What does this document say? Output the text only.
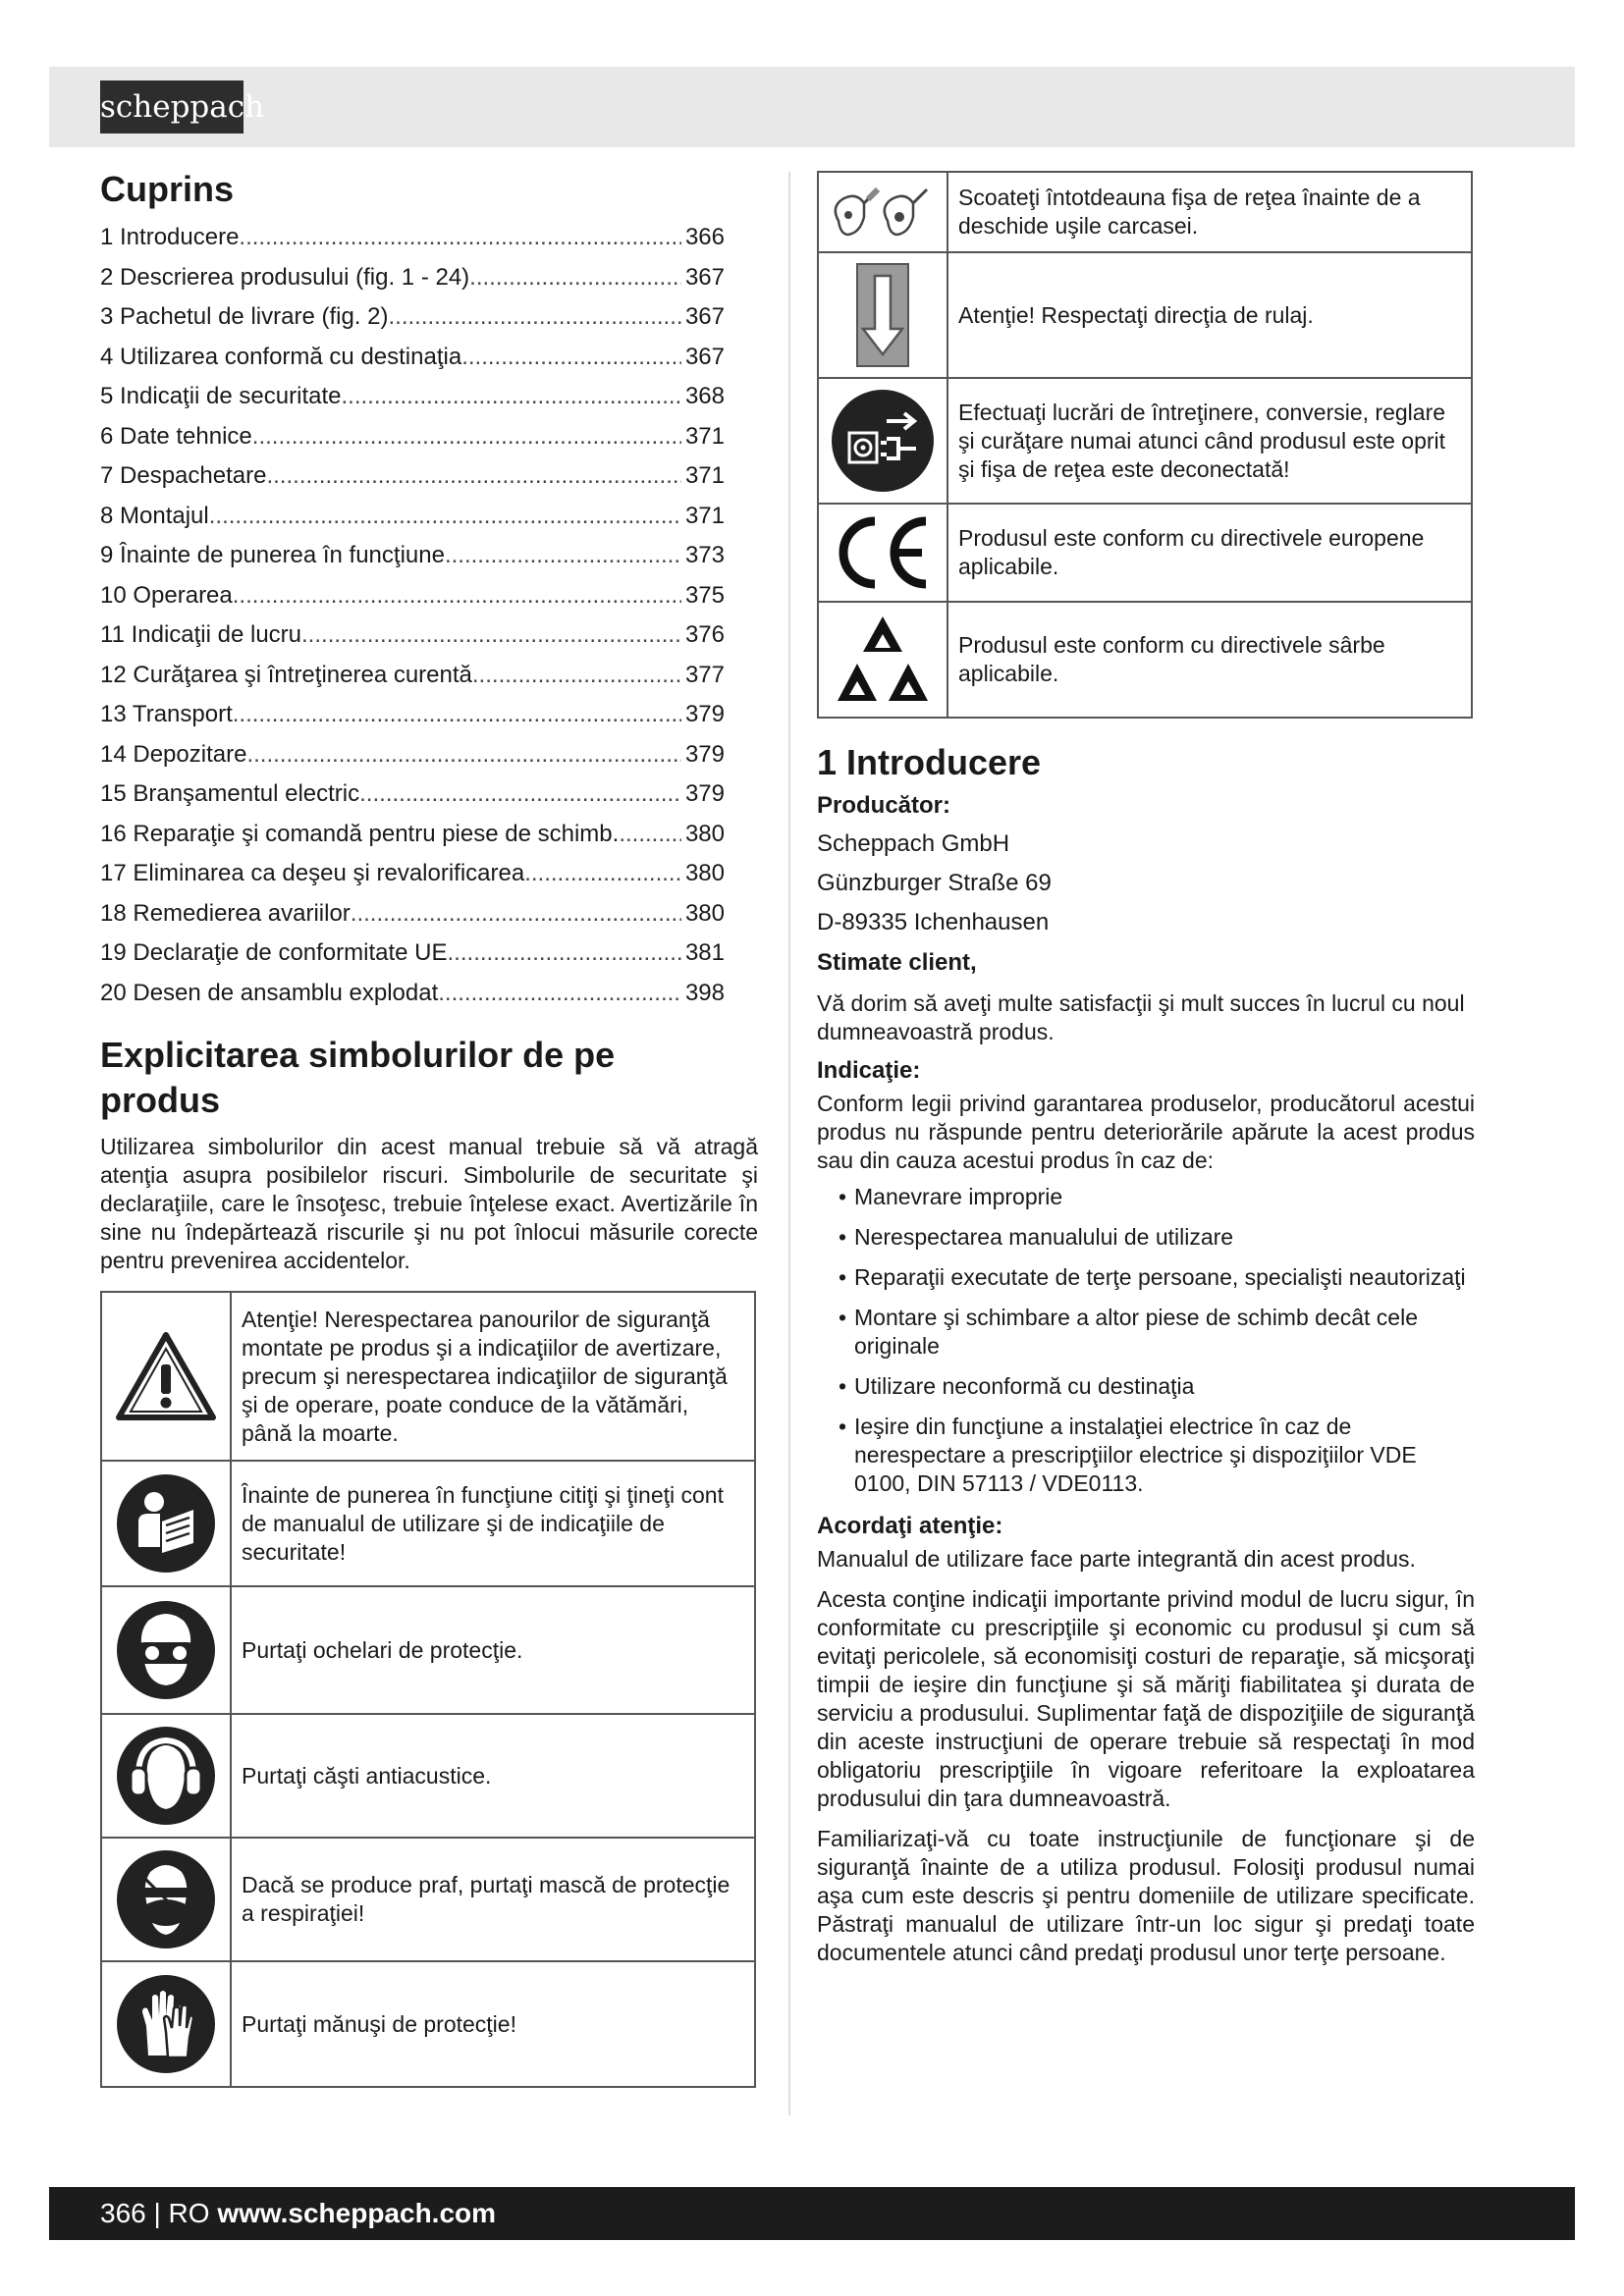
scheppach
Cuprins
1 Introducere .....	366
2 Descrierea produsului (fig. 1 - 24) .....	367
3 Pachetul de livrare (fig. 2) .....	367
4 Utilizarea conformă cu destinaţia .....	367
5 Indicaţii de securitate .....	368
6 Date tehnice .....	371
7 Despachetare .....	371
8 Montajul .....	371
9 Înainte de punerea în funcţiune .....	373
10 Operarea .....	375
11 Indicaţii de lucru .....	376
12 Curăţarea şi întreţinerea curentă .....	377
13 Transport .....	379
14 Depozitare .....	379
15 Branşamentul electric .....	379
16 Reparaţie şi comandă pentru piese de schimb. .....	380
17 Eliminarea ca deşeu şi revalorificarea .....	380
18 Remedierea avariilor .....	380
19 Declaraţie de conformitate UE .....	381
20 Desen de ansamblu explodat .....	398
Explicitarea simbolurilor de pe produs

Utilizarea simbolurilor din acest manual trebuie să vă atragă atenţia asupra posibilelor riscuri. Simbolurile de securitate şi declaraţiile, care le însoţesc, trebuie înţelese exact. Avertizările în sine nu îndepărtează riscurile şi nu pot înlocui măsurile corecte pentru prevenirea accidentelor.

	Atenţie! Nerespectarea panourilor de siguranţă montate pe produs şi a indicaţiilor de avertizare, precum şi nerespectarea indicaţiilor de siguranţă şi de operare, poate conduce de la vătămări, până la moarte.

	Înainte de punerea în funcţiune citiţi şi ţineţi cont de manualul de utilizare şi de indicaţiile de securitate!

	Purtaţi ochelari de protecţie.

	Purtaţi căşti antiacustice.

	Dacă se produce praf, purtaţi mască de protecţie a respiraţiei!

	Purtaţi mănuşi de protecţie!
	Scoateţi întotdeauna fişa de reţea înainte de a deschide uşile carcasei.

	Atenţie! Respectaţi direcţia de rulaj.

	Efectuaţi lucrări de întreţinere, conversie, reglare şi curăţare numai atunci când produsul este oprit şi fişa de reţea este deconectată!

	Produsul este conform cu directivele europene aplicabile.

	Produsul este conform cu directivele sârbe aplicabile.
1 Introducere
Producător:

Scheppach GmbH

Günzburger Straße 69

D-89335 Ichenhausen

Stimate client,

Vă dorim să aveţi multe satisfacţii şi mult succes în lucrul cu noul dumneavoastră produs.

Indicaţie:

Conform legii privind garantarea produselor, producătorul acestui produs nu răspunde pentru deteriorările apărute la acest produs sau din cauza acestui produs în caz de:

• Manevrare improprie
• Nerespectarea manualului de utilizare
• Reparaţii executate de terţe persoane, specialişti neautorizaţi
• Montare şi schimbare a altor piese de schimb decât cele originale
• Utilizare neconformă cu destinaţia
• Ieşire din funcţiune a instalaţiei electrice în caz de nerespectare a prescripţiilor electrice şi dispoziţiilor VDE 0100, DIN 57113 / VDE0113.
Acordaţi atenţie:

Manualul de utilizare face parte integrantă din acest produs.

Acesta conţine indicaţii importante privind modul de lucru sigur, în conformitate cu prescripţiile şi economic cu produsul şi cum să evitaţi pericolele, să economisiţi costuri de reparaţie, să micşoraţi timpii de ieşire din funcţiune şi să măriţi fiabilitatea şi durata de serviciu a produsului. Suplimentar faţă de dispoziţiile de siguranţă din aceste instrucţiuni de operare trebuie să respectaţi în mod obligatoriu prescripţiile în vigoare referitoare la exploatarea produsului din ţara dumneavoastră.

Familiarizaţi-vă cu toate instrucţiunile de funcţionare şi de siguranţă înainte de a utiliza produsul. Folosiţi produsul numai aşa cum este descris şi pentru domeniile de utilizare specificate. Păstraţi manualul de utilizare într-un loc sigur şi predaţi toate documentele atunci când predaţi produsul unor terţe persoane.

366 | RO www.scheppach.com
